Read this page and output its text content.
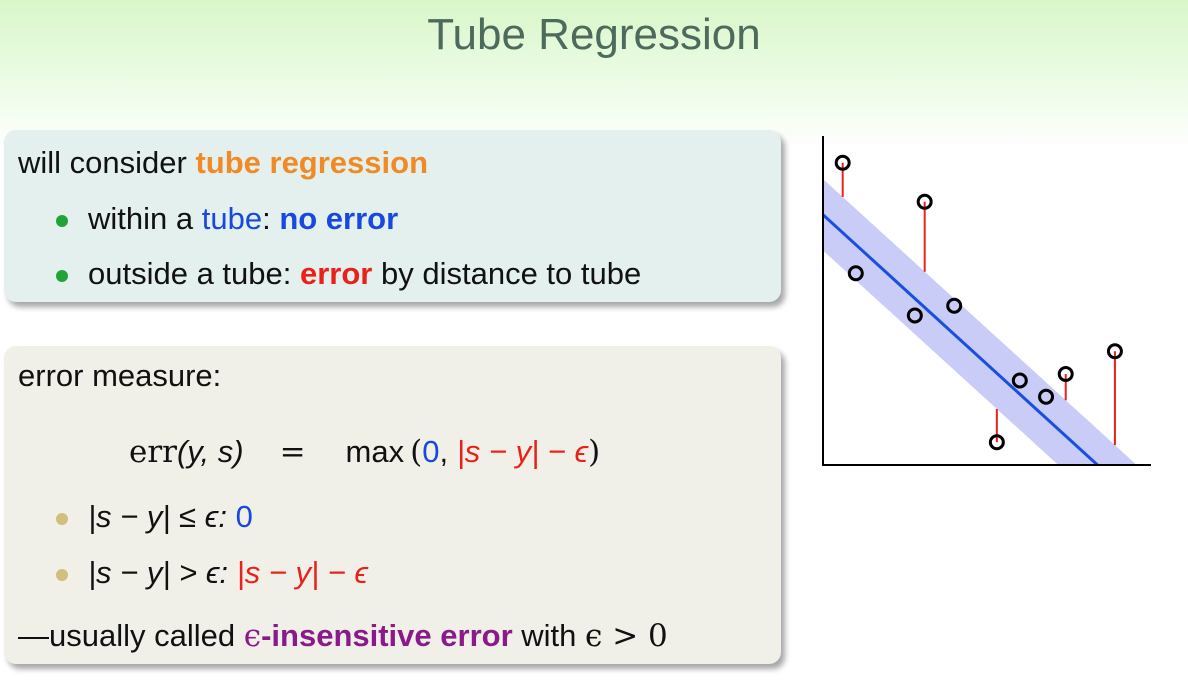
Tube Regression
will consider tube regression
within a tube: no error
outside a tube: error by distance to tube
error measure:
err(y, s) = max (0, |s − y| − ϵ)
|s − y| ≤ ϵ: 0
|s − y| > ϵ: |s − y| − ϵ
—usually called ϵ-insensitive error with ϵ > 0
